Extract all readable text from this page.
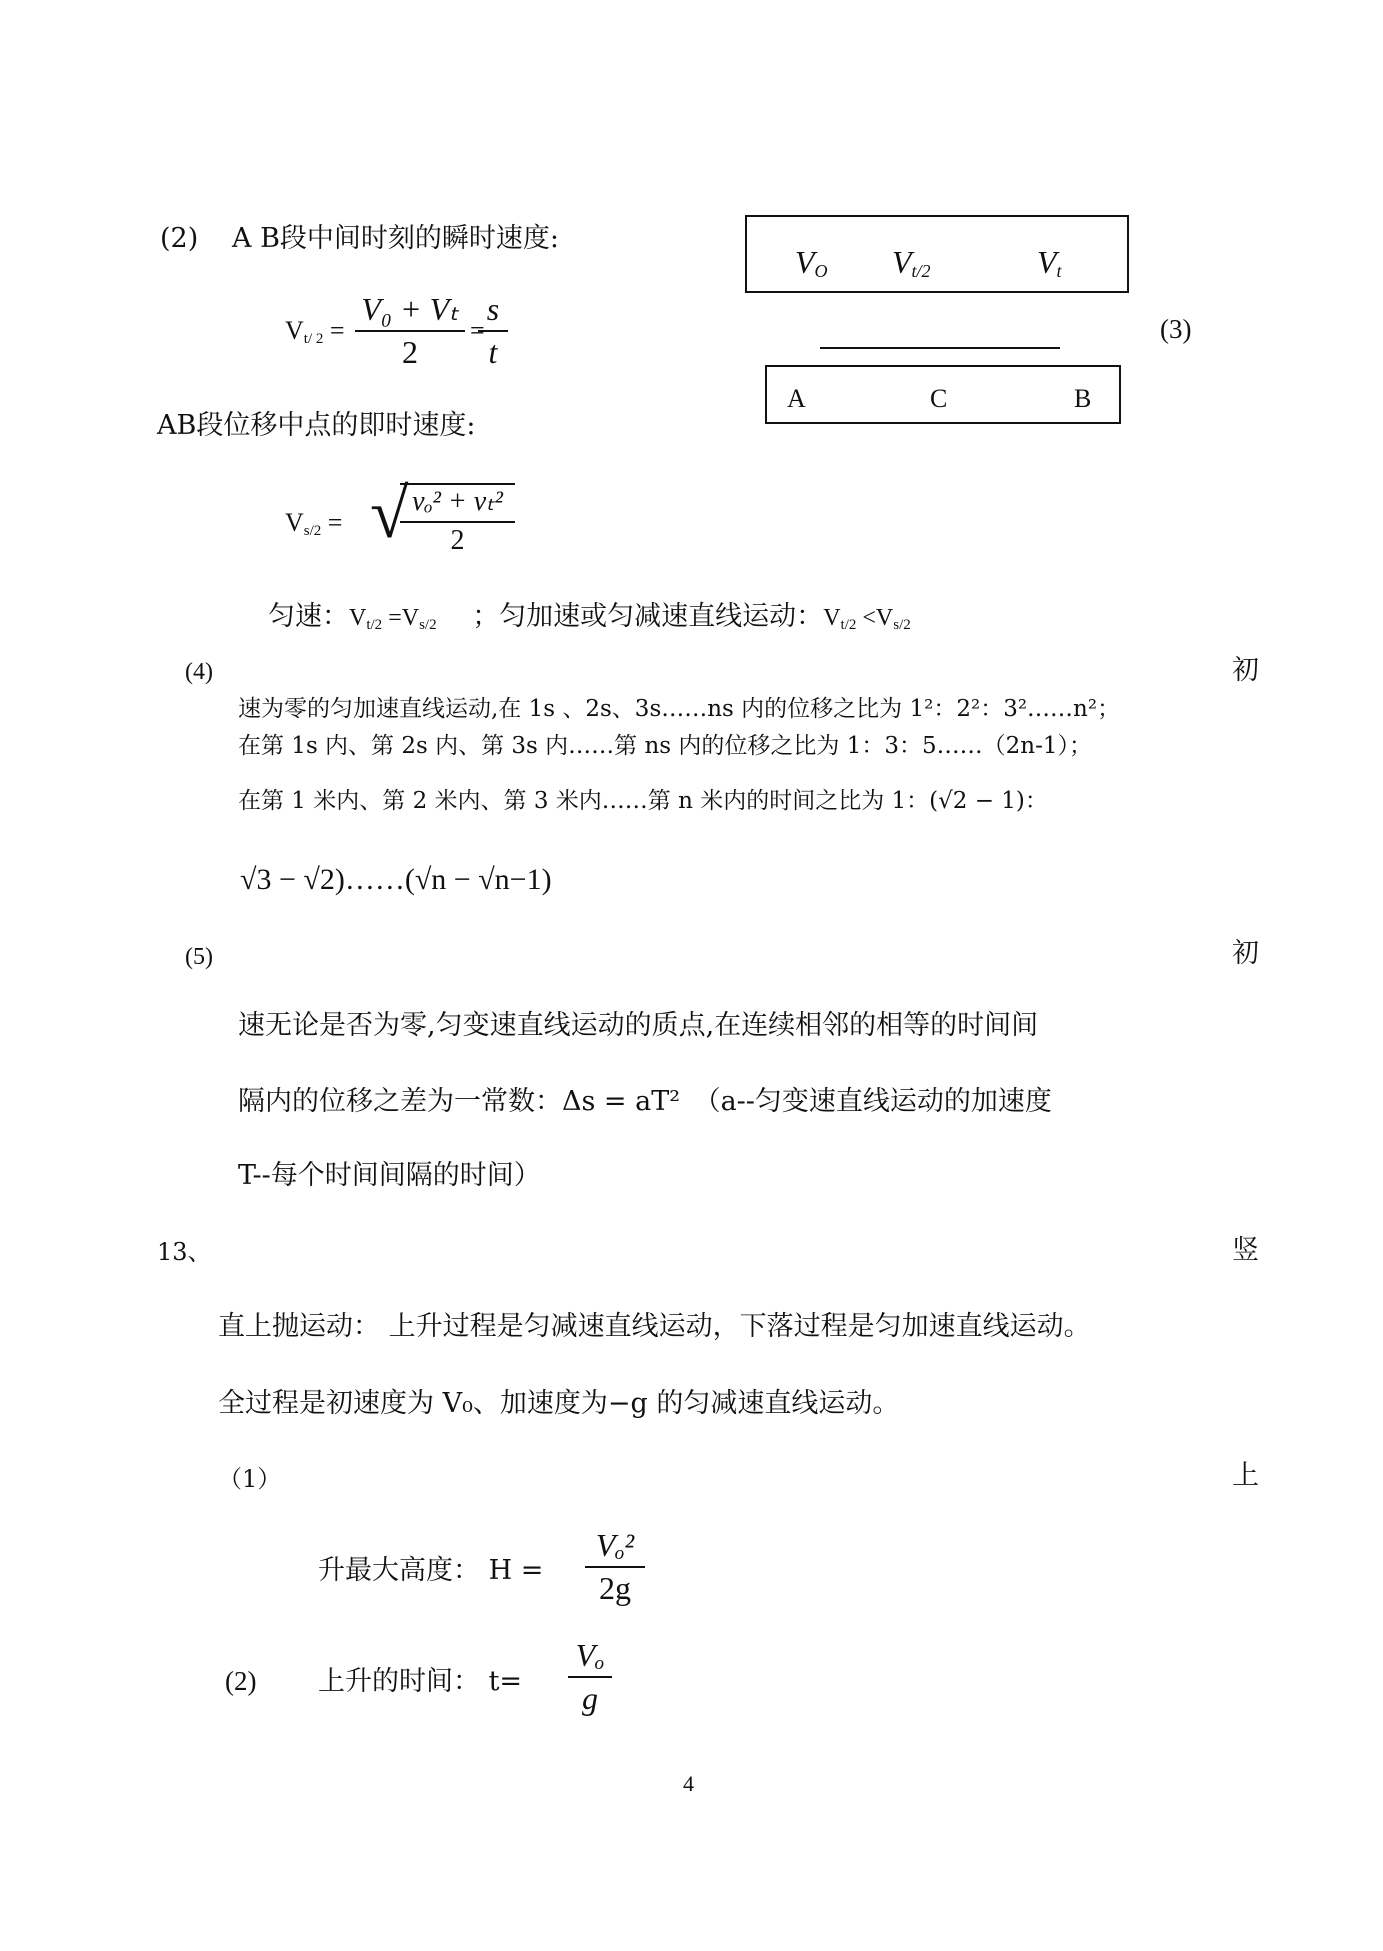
(2) A B段中间时刻的瞬时速度:
$V_{t/ 2}$ =
V₀ + Vₜ
2
=
s
t
AB段位移中点的即时速度:
$V_{s/2}$ = √ vₒ² + vₜ²
2
匀速：$V_{t/2} =V_{s/2}$ 　 ；匀加速或匀减速直线运动：$V_{t/2} <V_{s/2}$
$V_O$ $V_{t/2}$	$V_t$
A	C	B
(3)
(4)	初
速为零的匀加速直线运动,在 1s 、2s、3s……ns 内的位移之比为 1²：2²：3²……n²；
在第 1s 内、第 2s 内、第 3s 内……第 ns 内的位移之比为 1：3：5……（2n-1）；
在第 1 米内、第 2 米内、第 3 米内……第 n 米内的时间之比为 1：(√2 − 1)：
√3 − √2)……(√n − √n−1)
(5)	初
速无论是否为零,匀变速直线运动的质点,在连续相邻的相等的时间间
隔内的位移之差为一常数：Δs = aT²　（a--匀变速直线运动的加速度
T--每个时间间隔的时间）
13、	竖
直上抛运动： 上升过程是匀减速直线运动，下落过程是匀加速直线运动。
全过程是初速度为 V₀、加速度为−g 的匀减速直线运动。
（1）	上
升最大高度： H =
Vₒ²
2g
(2) 上升的时间： t=
Vₒ
g
4
